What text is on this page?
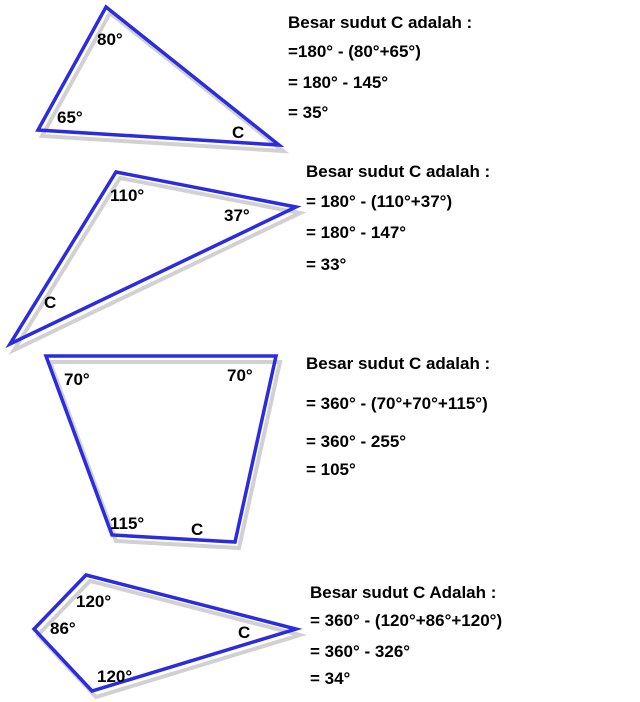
80°
65°
C
Besar sudut C adalah :
=180° - (80°+65°)
= 180° - 145°
= 35°
110°
37°
C
Besar sudut C adalah :
= 180° - (110°+37°)
= 180° - 147°
= 33°
70°	70°
115°	C
Besar sudut C adalah :
= 360° - (70°+70°+115°)
= 360° - 255°
= 105°
120°
86°
120°
C
Besar sudut C Adalah :
= 360° - (120°+86°+120°)
= 360° - 326°
= 34°
